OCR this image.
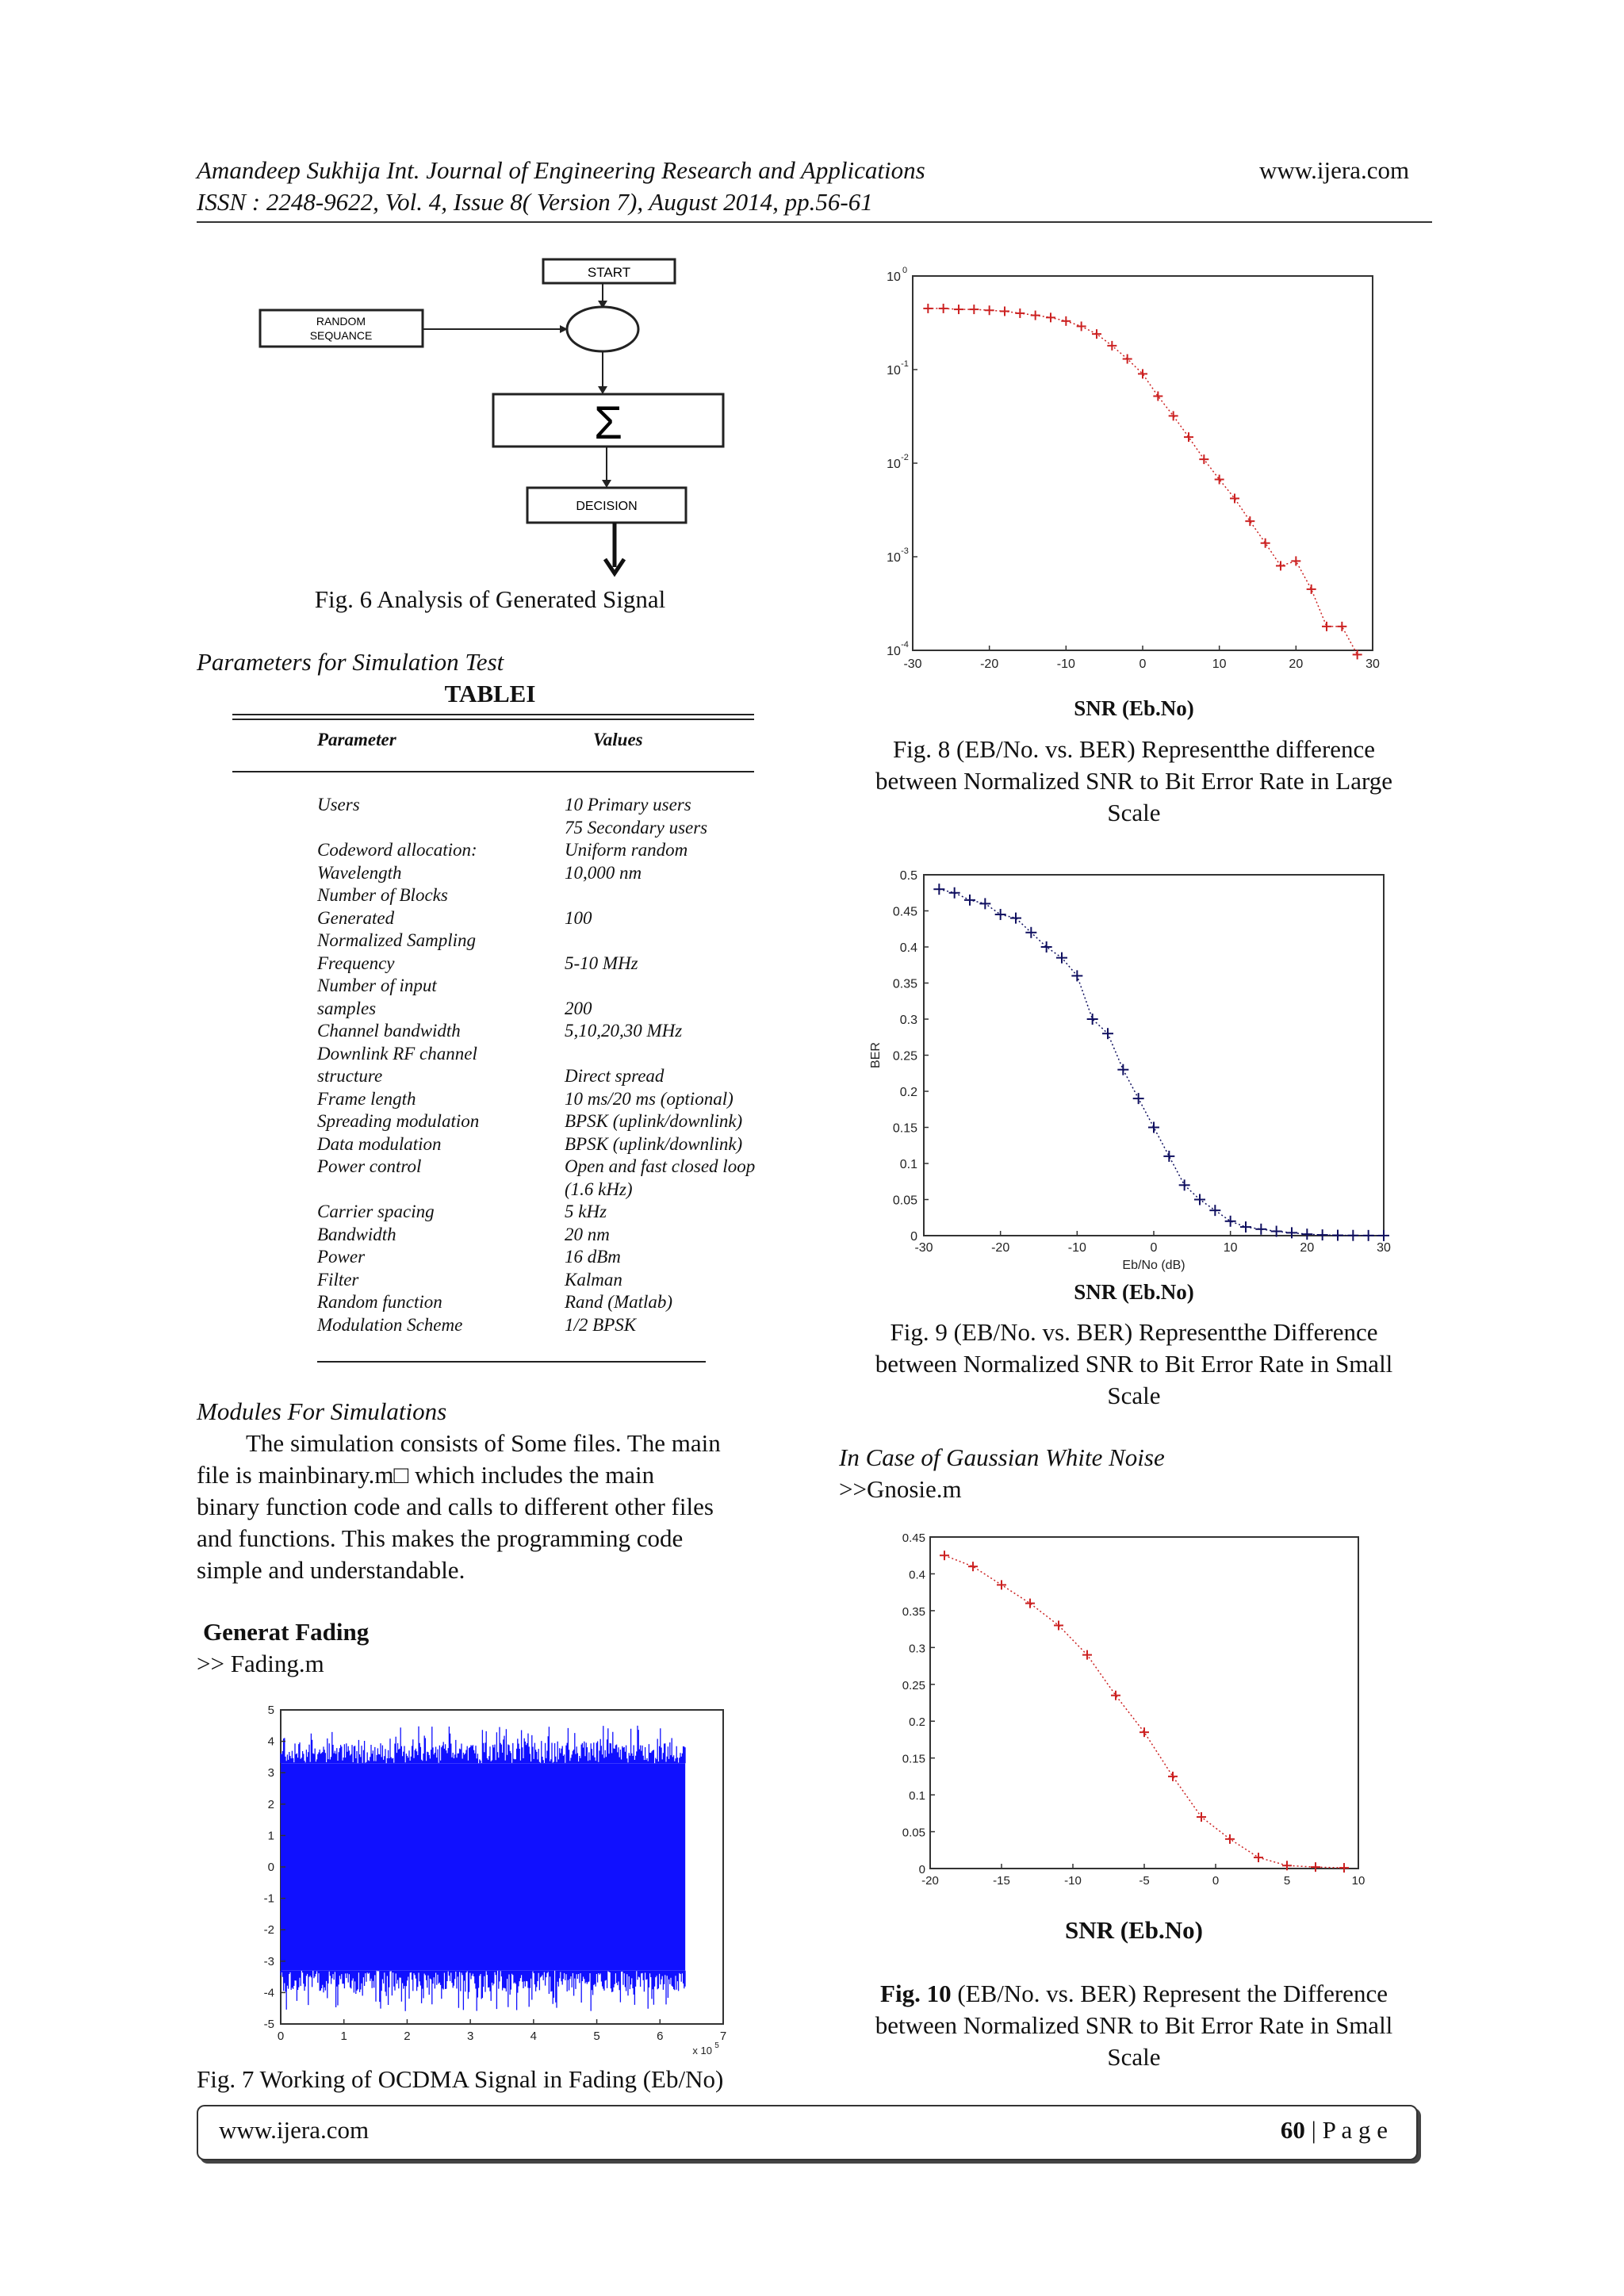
Amandeep Sukhija Int. Journal of Engineering Research and Applications	www.ijera.com
ISSN : 2248-9622, Vol. 4, Issue 8( Version 7), August 2014, pp.56-61
START
RANDOM
SEQUANCE
Σ
DECISION
Fig. 6 Analysis of Generated Signal
Parameters for Simulation Test
TABLEI
Parameter	Values
Users	10 Primary users
75 Secondary users
Codeword allocation:	Uniform random
Wavelength	10,000 nm
Number of Blocks
Generated	100
Normalized Sampling
Frequency	5-10 MHz
Number of input
samples	200
Channel bandwidth	5,10,20,30 MHz
Downlink RF channel
structure	Direct spread
Frame length	10 ms/20 ms (optional)
Spreading modulation	BPSK (uplink/downlink)
Data modulation	BPSK (uplink/downlink)
Power control	Open and fast closed loop
(1.6 kHz)
Carrier spacing	5 kHz
Bandwidth	20 nm
Power	16 dBm
Filter	Kalman
Random function	Rand (Matlab)
Modulation Scheme	1/2 BPSK
Modules For Simulations
The simulation consists of Some files. The main
file is mainbinary.m□ which includes the main
binary function code and calls to different other files
and functions. This makes the programming code
simple and understandable.
Generat Fading
>> Fading.m
0	1	2	3	4	5	6	7
5
4
3
2
1
0
-1
-2
-3
-4
-5
x 10 5
Fig. 7 Working of OCDMA Signal in Fading (Eb/No)
-30	-20	-10	0	10	20	30
10 0
10 -1
10 -2
10 -3
10 -4
SNR (Eb.No)
Fig. 8 (EB/No. vs. BER) Representthe difference
between Normalized SNR to Bit Error Rate in Large
Scale
-30	-20	-10	0	10	20	30
0.5
0.45
0.4
0.35
0.3
0.25
0.2
0.15
0.1
0.05
0
Eb/No (dB)
BER
SNR (Eb.No)
Fig. 9 (EB/No. vs. BER) Representthe Difference
between Normalized SNR to Bit Error Rate in Small
Scale
In Case of Gaussian White Noise
>>Gnosie.m
-20	-15	-10	-5	0	5	10
0.45
0.4
0.35
0.3
0.25
0.2
0.15
0.1
0.05
0
SNR (Eb.No)
Fig. 10 (EB/No. vs. BER) Represent the Difference
between Normalized SNR to Bit Error Rate in Small
Scale
www.ijera.com	60 | P a g e
